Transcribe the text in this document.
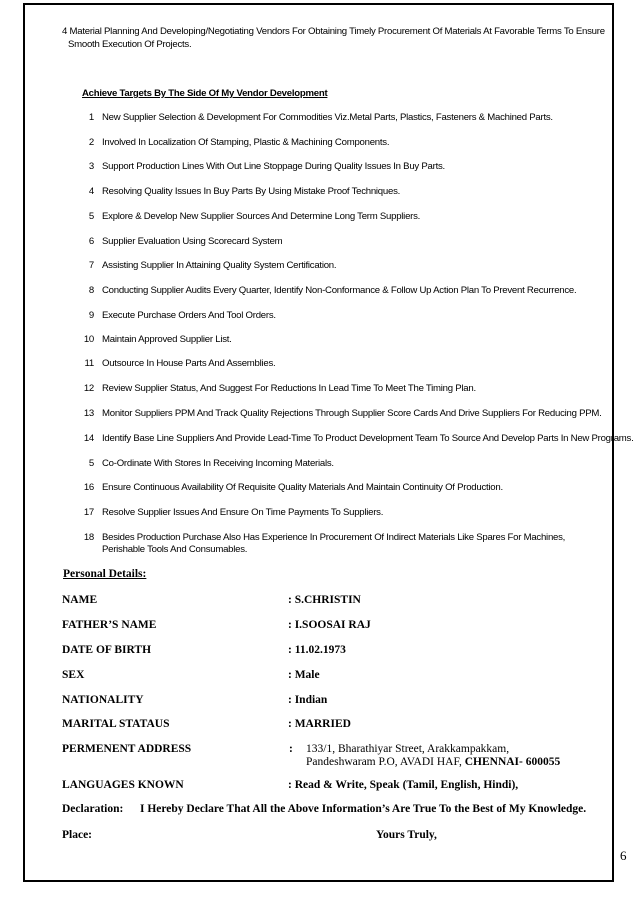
4 Material Planning And Developing/Negotiating Vendors For Obtaining Timely Procurement Of Materials At Favorable Terms To Ensure
Smooth Execution Of Projects.
Achieve Targets By The Side Of My Vendor Development
1 New Supplier Selection & Development For Commodities Viz.Metal Parts, Plastics, Fasteners & Machined Parts.
2 Involved In Localization Of Stamping, Plastic & Machining Components.
3 Support Production Lines With Out Line Stoppage During Quality Issues In Buy Parts.
4 Resolving Quality Issues In Buy Parts By Using Mistake Proof Techniques.
5 Explore & Develop New Supplier Sources And Determine Long Term Suppliers.
6 Supplier Evaluation Using Scorecard System
7 Assisting Supplier In Attaining Quality System Certification.
8 Conducting Supplier Audits Every Quarter, Identify Non-Conformance & Follow Up Action Plan To Prevent Recurrence.
9 Execute Purchase Orders And Tool Orders.
10 Maintain Approved Supplier List.
11 Outsource In House Parts And Assemblies.
12 Review Supplier Status, And Suggest For Reductions In Lead Time To Meet The Timing Plan.
13 Monitor Suppliers PPM And Track Quality Rejections Through Supplier Score Cards And Drive Suppliers For Reducing PPM.
14 Identify Base Line Suppliers And Provide Lead-Time To Product Development Team To Source And Develop Parts In New Programs.
5 Co-Ordinate With Stores In Receiving Incoming Materials.
16 Ensure Continuous Availability Of Requisite Quality Materials And Maintain Continuity Of Production.
17 Resolve Supplier Issues And Ensure On Time Payments To Suppliers.
18 Besides Production Purchase Also Has Experience In Procurement Of Indirect Materials Like Spares For Machines,
Perishable Tools And Consumables.
Personal Details:
NAME	: S.CHRISTIN
FATHER’S NAME	: I.SOOSAI RAJ
DATE OF BIRTH	: 11.02.1973
SEX	: Male
NATIONALITY	: Indian
MARITAL STATAUS	: MARRIED
PERMENENT ADDRESS	: 133/1, Bharathiyar Street, Arakkampakkam,
Pandeshwaram P.O, AVADI HAF, CHENNAI- 600055
LANGUAGES KNOWN	: Read & Write, Speak (Tamil, English, Hindi),
Declaration: I Hereby Declare That All the Above Information’s Are True To the Best of My Knowledge.
Place:	Yours Truly,
6
